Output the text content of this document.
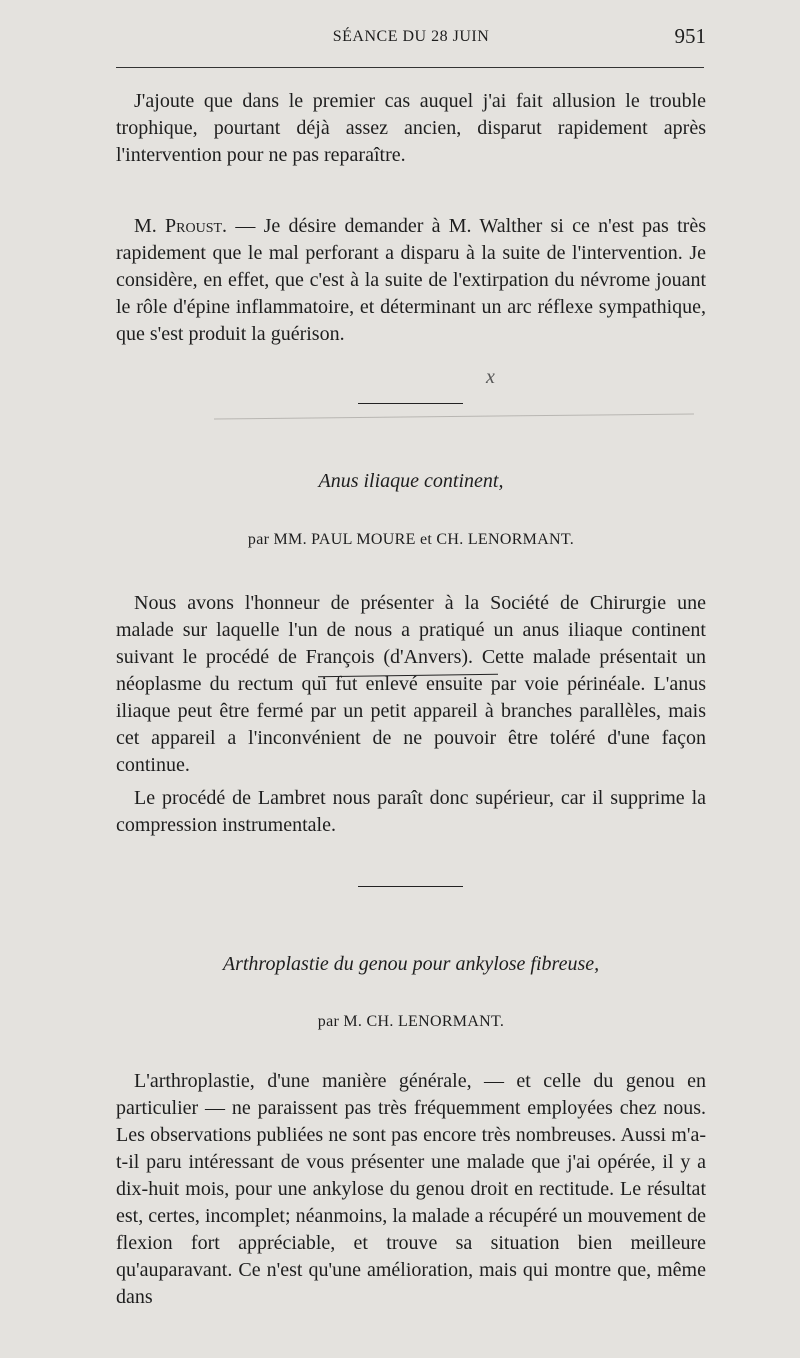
SÉANCE DU 28 JUIN	951

J'ajoute que dans le premier cas auquel j'ai fait allusion le trouble trophique, pourtant déjà assez ancien, disparut rapidement après l'intervention pour ne pas reparaître.

M. Proust. — Je désire demander à M. Walther si ce n'est pas très rapidement que le mal perforant a disparu à la suite de l'intervention. Je considère, en effet, que c'est à la suite de l'extirpation du névrome jouant le rôle d'épine inflammatoire, et déterminant un arc réflexe sympathique, que s'est produit la guérison.

x

Anus iliaque continent,

par MM. PAUL MOURE et CH. LENORMANT.

Nous avons l'honneur de présenter à la Société de Chirurgie une malade sur laquelle l'un de nous a pratiqué un anus iliaque continent suivant le procédé de François (d'Anvers). Cette malade présentait un néoplasme du rectum qui fut enlevé ensuite par voie périnéale. L'anus iliaque peut être fermé par un petit appareil à branches parallèles, mais cet appareil a l'inconvénient de ne pouvoir être toléré d'une façon continue.

Le procédé de Lambret nous paraît donc supérieur, car il supprime la compression instrumentale.

Arthroplastie du genou pour ankylose fibreuse,

par M. CH. LENORMANT.

L'arthroplastie, d'une manière générale, — et celle du genou en particulier — ne paraissent pas très fréquemment employées chez nous. Les observations publiées ne sont pas encore très nombreuses. Aussi m'a-t-il paru intéressant de vous présenter une malade que j'ai opérée, il y a dix-huit mois, pour une ankylose du genou droit en rectitude. Le résultat est, certes, incomplet; néanmoins, la malade a récupéré un mouvement de flexion fort appréciable, et trouve sa situation bien meilleure qu'auparavant. Ce n'est qu'une amélioration, mais qui montre que, même dans
